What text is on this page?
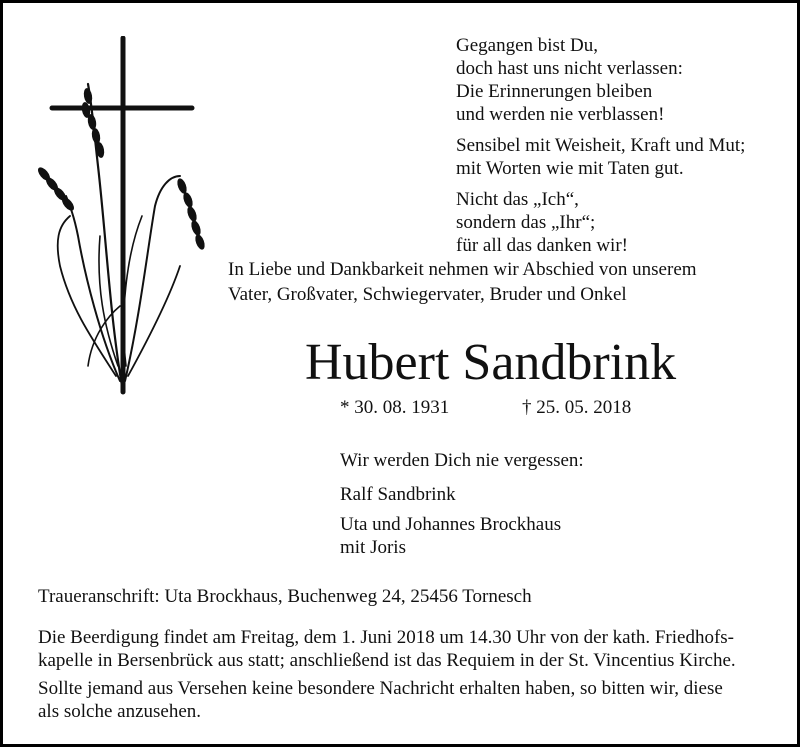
Gegangen bist Du,
doch hast uns nicht verlassen:
Die Erinnerungen bleiben
und werden nie verblassen!

Sensibel mit Weisheit, Kraft und Mut;
mit Worten wie mit Taten gut.

Nicht das „Ich“,
sondern das „Ihr“;
für all das danken wir!

In Liebe und Dankbarkeit nehmen wir Abschied von unserem

Vater, Großvater, Schwiegervater, Bruder und Onkel

Hubert Sandbrink
* 30. 08. 1931	† 25. 05. 2018

Wir werden Dich nie vergessen:

Ralf Sandbrink

Uta und Johannes Brockhaus

mit Joris

Traueranschrift: Uta Brockhaus, Buchenweg 24, 25456 Tornesch

Die Beerdigung findet am Freitag, dem 1. Juni 2018 um 14.30 Uhr von der kath. Friedhofs-
kapelle in Bersenbrück aus statt; anschließend ist das Requiem in der St. Vincentius Kirche.

Sollte jemand aus Versehen keine besondere Nachricht erhalten haben, so bitten wir, diese
als solche anzusehen.
